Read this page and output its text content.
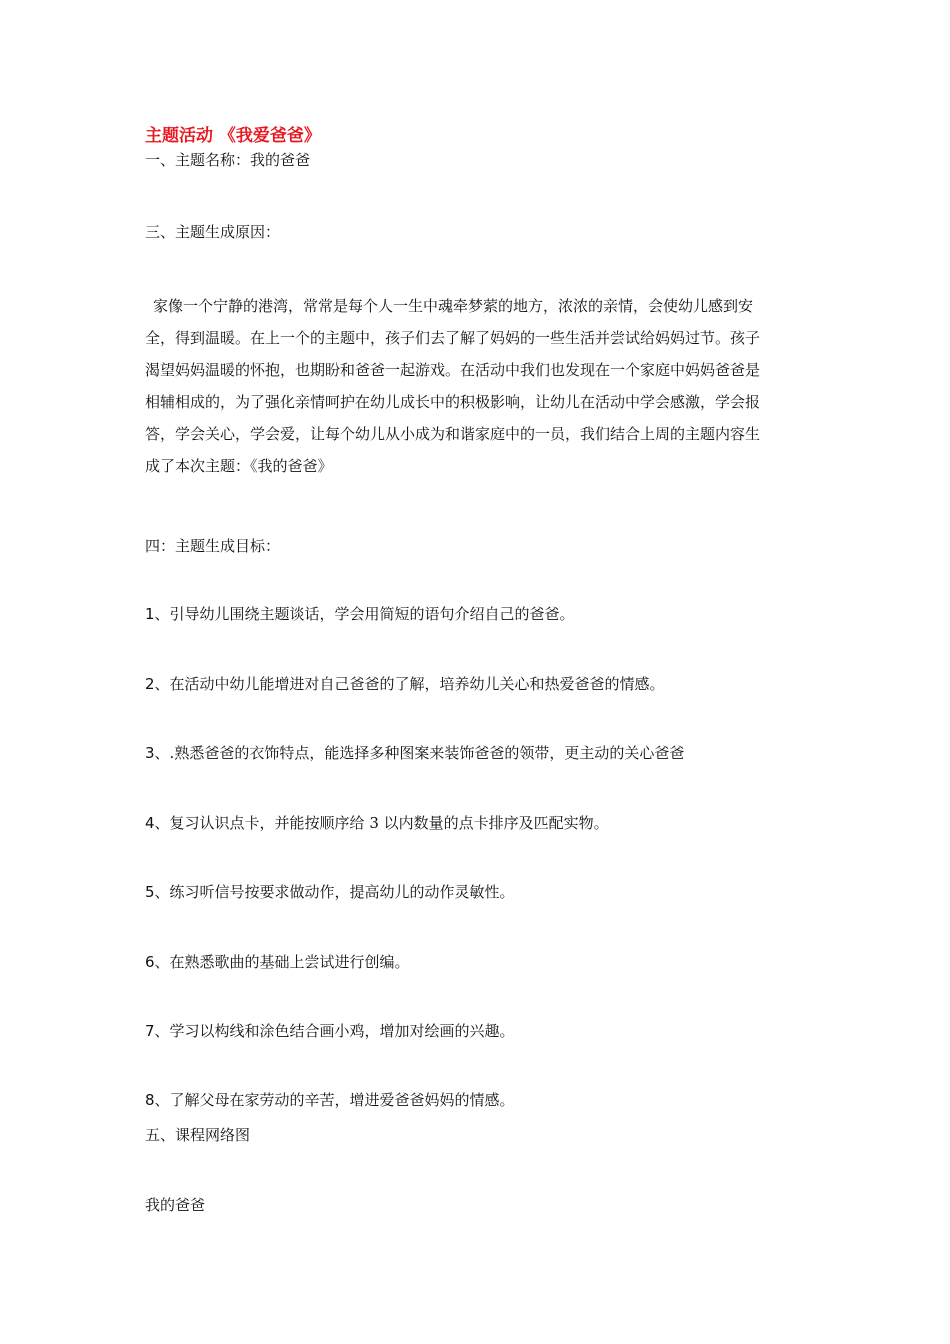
主题活动 《我爱爸爸》
一、主题名称：我的爸爸
三、主题生成原因：

家像一个宁静的港湾，常常是每个人一生中魂牵梦萦的地方，浓浓的亲情，会使幼儿感到安

全，得到温暖。在上一个的主题中，孩子们去了解了妈妈的一些生活并尝试给妈妈过节。孩子

渴望妈妈温暖的怀抱，也期盼和爸爸一起游戏。在活动中我们也发现在一个家庭中妈妈爸爸是

相辅相成的，为了强化亲情呵护在幼儿成长中的积极影响，让幼儿在活动中学会感激，学会报

答，学会关心，学会爱，让每个幼儿从小成为和谐家庭中的一员，我们结合上周的主题内容生

成了本次主题：《我的爸爸》

四：主题生成目标：
1、引导幼儿围绕主题谈话，学会用简短的语句介绍自己的爸爸。
2、在活动中幼儿能增进对自己爸爸的了解，培养幼儿关心和热爱爸爸的情感。
3、.熟悉爸爸的衣饰特点，能选择多种图案来装饰爸爸的领带，更主动的关心爸爸
4、复习认识点卡，并能按顺序给 3 以内数量的点卡排序及匹配实物。
5、练习听信号按要求做动作，提高幼儿的动作灵敏性。
6、在熟悉歌曲的基础上尝试进行创编。
7、学习以构线和涂色结合画小鸡，增加对绘画的兴趣。
8、了解父母在家劳动的辛苦，增进爱爸爸妈妈的情感。
五、课程网络图
我的爸爸
